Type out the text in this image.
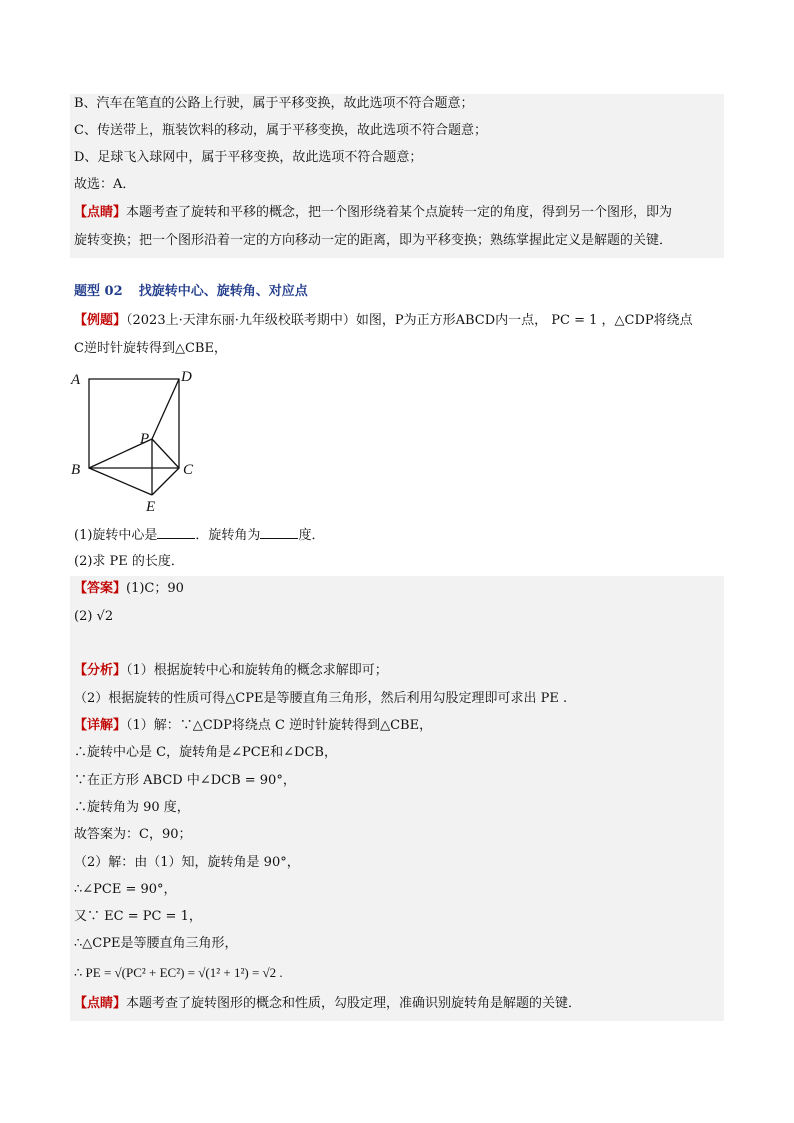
B、汽车在笔直的公路上行驶，属于平移变换，故此选项不符合题意；
C、传送带上，瓶装饮料的移动，属于平移变换，故此选项不符合题意；
D、足球飞入球网中，属于平移变换，故此选项不符合题意；
故选：A．
【点睛】本题考查了旋转和平移的概念，把一个图形绕着某个点旋转一定的角度，得到另一个图形，即为
旋转变换；把一个图形沿着一定的方向移动一定的距离，即为平移变换；熟练掌握此定义是解题的关键．
题型 02 找旋转中心、旋转角、对应点
【例题】（2023上·天津东丽·九年级校联考期中）如图，P为正方形ABCD内一点， PC = 1 ，△CDP将绕点
C逆时针旋转得到△CBE，
A	D
P
B	C
E
(1)旋转中心是	．旋转角为	度．
(2)求 PE 的长度．
【答案】(1)C；90
(2) √2
【分析】（1）根据旋转中心和旋转角的概念求解即可；
（2）根据旋转的性质可得△CPE是等腰直角三角形，然后利用勾股定理即可求出 PE .
【详解】（1）解：∵△CDP将绕点 C 逆时针旋转得到△CBE，
∴旋转中心是 C，旋转角是∠PCE和∠DCB，
∵在正方形 ABCD 中∠DCB = 90°，
∴旋转角为 90 度，
故答案为：C，90；
（2）解：由（1）知，旋转角是 90°，
∴∠PCE = 90°，
又∵ EC = PC = 1，
∴△CPE是等腰直角三角形，
∴ PE = √(PC² + EC²) = √(1² + 1²) = √2 .
【点睛】本题考查了旋转图形的概念和性质，勾股定理，准确识别旋转角是解题的关键．
